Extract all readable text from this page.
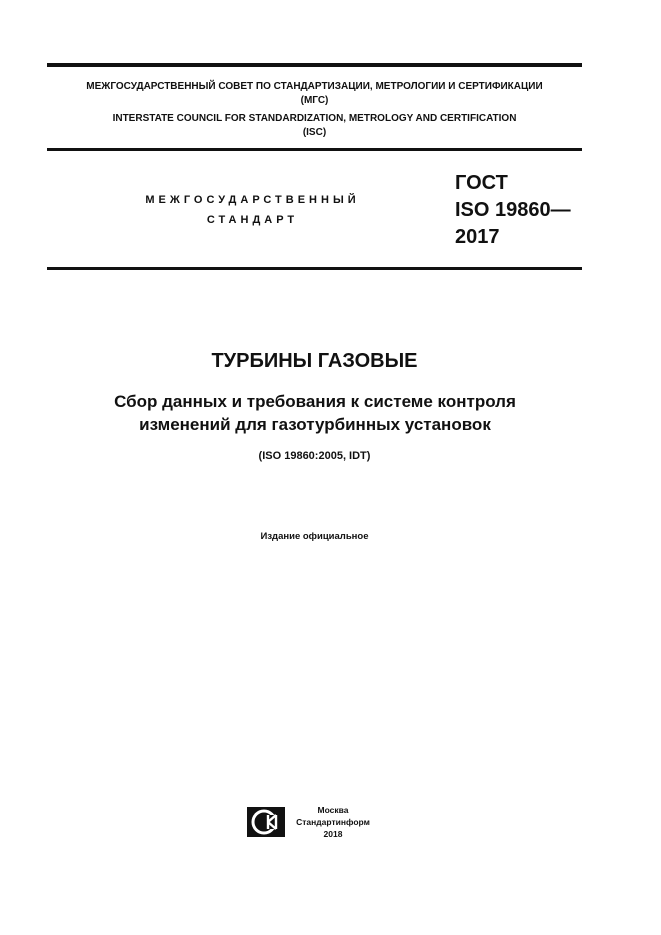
МЕЖГОСУДАРСТВЕННЫЙ СОВЕТ ПО СТАНДАРТИЗАЦИИ, МЕТРОЛОГИИ И СЕРТИФИКАЦИИ
(МГС)
INTERSTATE COUNCIL FOR STANDARDIZATION, METROLOGY AND CERTIFICATION
(ISC)
МЕЖГОСУДАРСТВЕННЫЙ
СТАНДАРТ
ГОСТ
ISO 19860—
2017
ТУРБИНЫ ГАЗОВЫЕ
Сбор данных и требования к системе контроля
изменений для газотурбинных установок
(ISO 19860:2005, IDT)
Издание официальное
Москва
Стандартинформ
2018
